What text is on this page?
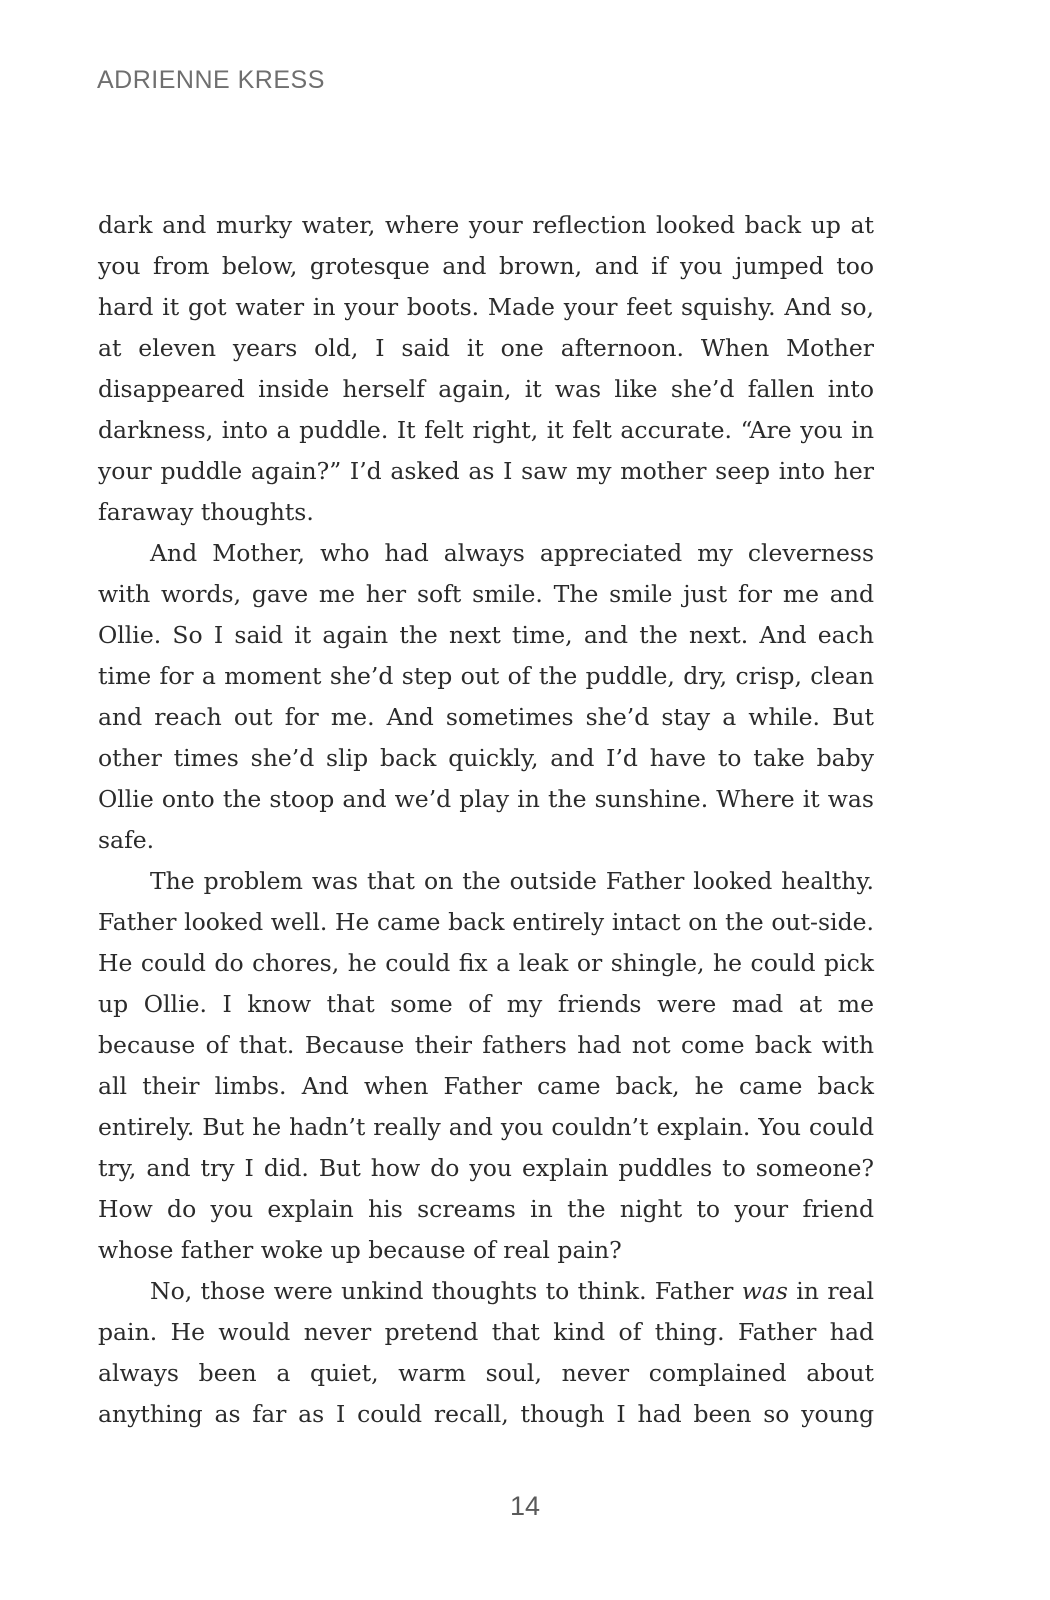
ADRIENNE KRESS

dark and murky water, where your reflection looked back up at you from below, grotesque and brown, and if you jumped too hard it got water in your boots. Made your feet squishy. And so, at eleven years old, I said it one afternoon. When Mother disappeared inside herself again, it was like she’d fallen into darkness, into a puddle. It felt right, it felt accurate. “Are you in your puddle again?” I’d asked as I saw my mother seep into her faraway thoughts.

And Mother, who had always appreciated my cleverness with words, gave me her soft smile. The smile just for me and Ollie. So I said it again the next time, and the next. And each time for a moment she’d step out of the puddle, dry, crisp, clean and reach out for me. And sometimes she’d stay a while. But other times she’d slip back quickly, and I’d have to take baby Ollie onto the stoop and we’d play in the sunshine. Where it was safe.

The problem was that on the outside Father looked healthy. Father looked well. He came back entirely intact on the out-side. He could do chores, he could fix a leak or shingle, he could pick up Ollie. I know that some of my friends were mad at me because of that. Because their fathers had not come back with all their limbs. And when Father came back, he came back entirely. But he hadn’t really and you couldn’t explain. You could try, and try I did. But how do you explain puddles to someone? How do you explain his screams in the night to your friend whose father woke up because of real pain?

No, those were unkind thoughts to think. Father was in real pain. He would never pretend that kind of thing. Father had always been a quiet, warm soul, never complained about anything as far as I could recall, though I had been so young

14
